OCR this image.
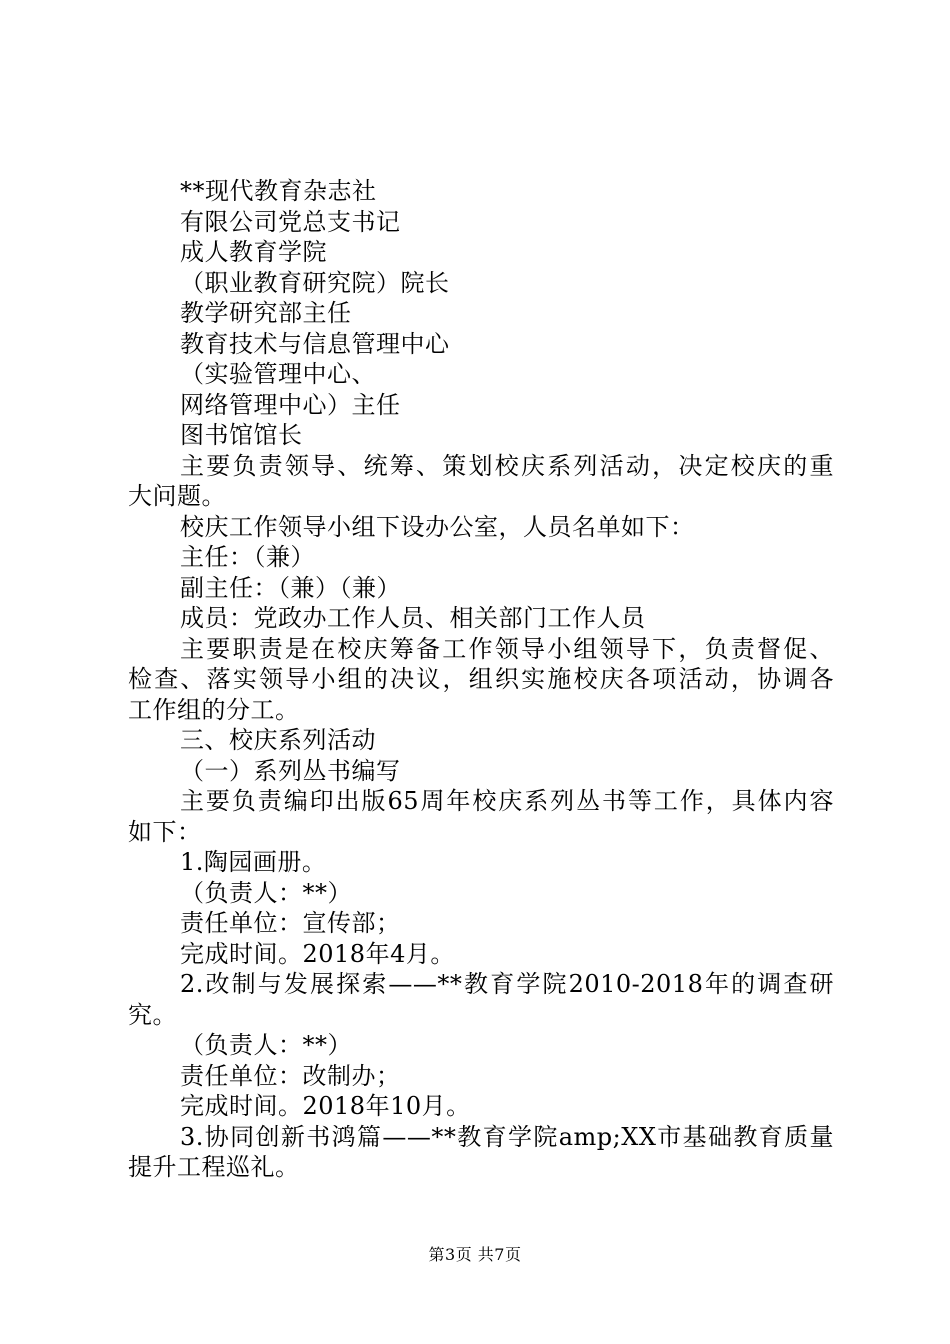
**现代教育杂志社
有限公司党总支书记
成人教育学院
（职业教育研究院）院长
教学研究部主任
教育技术与信息管理中心
（实验管理中心、
网络管理中心）主任
图书馆馆长
主要负责领导、统筹、策划校庆系列活动，决定校庆的重
大问题。
校庆工作领导小组下设办公室，人员名单如下：
主任：（兼）
副主任：（兼）（兼）
成员：党政办工作人员、相关部门工作人员
主要职责是在校庆筹备工作领导小组领导下，负责督促、
检查、落实领导小组的决议，组织实施校庆各项活动，协调各
工作组的分工。
三、校庆系列活动
（一）系列丛书编写
主要负责编印出版65周年校庆系列丛书等工作，具体内容
如下：
1.陶园画册。
（负责人：**）
责任单位：宣传部；
完成时间。2018年4月。
2.改制与发展探索——**教育学院2010-2018年的调查研
究。
（负责人：**）
责任单位：改制办；
完成时间。2018年10月。
3.协同创新书鸿篇——**教育学院amp;XX市基础教育质量
提升工程巡礼。
第3页 共7页
